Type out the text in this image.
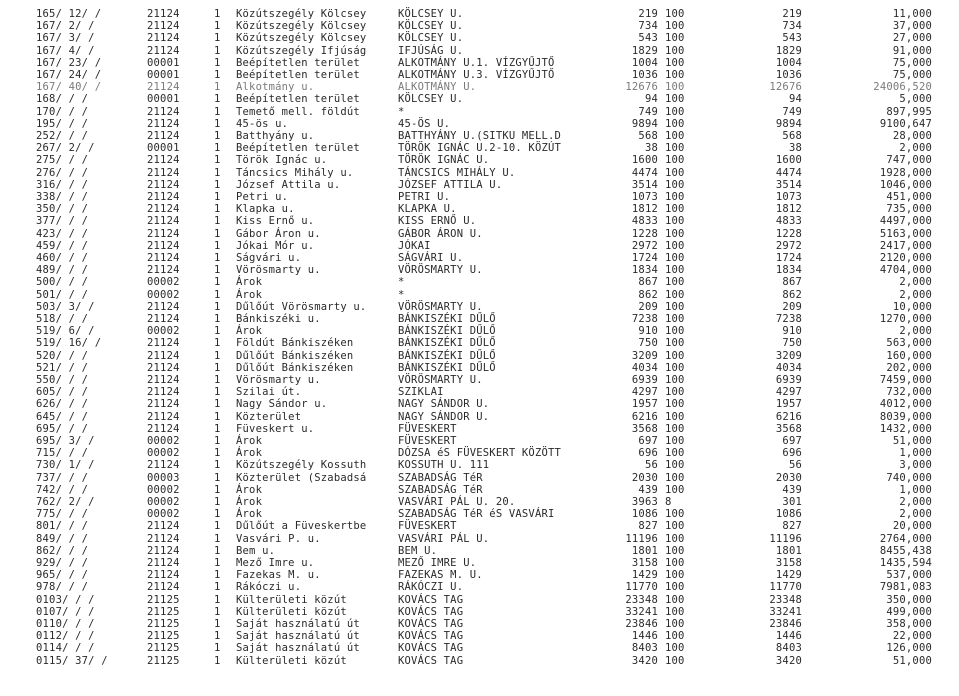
165/ 12/ /	21124	1 Közútszegély Kölcsey	KÖLCSEY U.	219 100	219	11,000
167/ 2/ /	21124	1 Közútszegély Kölcsey	KÖLCSEY U.	734 100	734	37,000
167/ 3/ /	21124	1 Közútszegély Kölcsey	KÖLCSEY U.	543 100	543	27,000
167/ 4/ /	21124	1 Közútszegély Ifjúság	IFJÚSÁG U.	1829 100	1829	91,000
167/ 23/ /	00001	1 Beépítetlen terület	ALKOTMÁNY U.1. VÍZGYŰJTŐ	1004 100	1004	75,000
167/ 24/ /	00001	1 Beépítetlen terület	ALKOTMÁNY U.3. VÍZGYŰJTŐ	1036 100	1036	75,000
167/ 40/ /	21124	1 Alkotmány u.	ALKOTMÁNY U.	12676 100	12676	24006,520
168/ / /	00001	1 Beépítetlen terület	KÖLCSEY U.	94 100	94	5,000
170/ / /	21124	1 Temető mell. földút	*	749 100	749	897,995
195/ / /	21124	1 45-ös u.	45-ÖS U.	9894 100	9894	9100,647
252/ / /	21124	1 Batthyány u.	BATTHYÁNY U.(SITKU MELL.D	568 100	568	28,000
267/ 2/ /	00001	1 Beépítetlen terület	TÖRÖK IGNÁC U.2-10. KÖZÚT	38 100	38	2,000
275/ / /	21124	1 Török Ignác u.	TÖRÖK IGNÁC U.	1600 100	1600	747,000
276/ / /	21124	1 Táncsics Mihály u.	TÁNCSICS MIHÁLY U.	4474 100	4474	1928,000
316/ / /	21124	1 József Attila u.	JÓZSEF ATTILA U.	3514 100	3514	1046,000
338/ / /	21124	1 Petri u.	PETRI U.	1073 100	1073	451,000
350/ / /	21124	1 Klapka u.	KLAPKA U.	1812 100	1812	735,000
377/ / /	21124	1 Kiss Ernő u.	KISS ERNŐ U.	4833 100	4833	4497,000
423/ / /	21124	1 Gábor Áron u.	GÁBOR ÁRON U.	1228 100	1228	5163,000
459/ / /	21124	1 Jókai Mór u.	JÓKAI	2972 100	2972	2417,000
460/ / /	21124	1 Ságvári u.	SÁGVÁRI U.	1724 100	1724	2120,000
489/ / /	21124	1 Vörösmarty u.	VÖRÖSMARTY U.	1834 100	1834	4704,000
500/ / /	00002	1 Árok	*	867 100	867	2,000
501/ / /	00002	1 Árok	*	862 100	862	2,000
503/ 3/ /	21124	1 Dűlőút Vörösmarty u.	VÖRÖSMARTY U.	209 100	209	10,000
518/ / /	21124	1 Bánkiszéki u.	BÁNKISZÉKI DŰLŐ	7238 100	7238	1270,000
519/ 6/ /	00002	1 Árok	BÁNKISZÉKI DŰLŐ	910 100	910	2,000
519/ 16/ /	21124	1 Földút Bánkiszéken	BÁNKISZÉKI DŰLŐ	750 100	750	563,000
520/ / /	21124	1 Dűlőút Bánkiszéken	BÁNKISZÉKI DŰLŐ	3209 100	3209	160,000
521/ / /	21124	1 Dűlőút Bánkiszéken	BÁNKISZÉKI DŰLŐ	4034 100	4034	202,000
550/ / /	21124	1 Vörösmarty u.	VÖRÖSMARTY U.	6939 100	6939	7459,000
605/ / /	21124	1 Szilai út.	SZIKLAI	4297 100	4297	732,000
626/ / /	21124	1 Nagy Sándor u.	NAGY SÁNDOR U.	1957 100	1957	4012,000
645/ / /	21124	1 Közterület	NAGY SÁNDOR U.	6216 100	6216	8039,000
695/ / /	21124	1 Füveskert u.	FÜVESKERT	3568 100	3568	1432,000
695/ 3/ /	00002	1 Árok	FÜVESKERT	697 100	697	51,000
715/ / /	00002	1 Árok	DÓZSA éS FÜVESKERT KÖZÖTT	696 100	696	1,000
730/ 1/ /	21124	1 Közútszegély Kossuth	KOSSUTH U. 111	56 100	56	3,000
737/ / /	00003	1 Közterület (Szabadsá	SZABADSÁG TéR	2030 100	2030	740,000
742/ / /	00002	1 Árok	SZABADSÁG TéR	439 100	439	1,000
762/ 2/ /	00002	1 Árok	VASVÁRI PÁL U. 20.	3963 8	301	2,000
775/ / /	00002	1 Árok	SZABADSÁG TéR éS VASVÁRI	1086 100	1086	2,000
801/ / /	21124	1 Dűlőút a Füveskertbe	FÜVESKERT	827 100	827	20,000
849/ / /	21124	1 Vasvári P. u.	VASVÁRI PÁL U.	11196 100	11196	2764,000
862/ / /	21124	1 Bem u.	BEM U.	1801 100	1801	8455,438
929/ / /	21124	1 Mező Imre u.	MEZŐ IMRE U.	3158 100	3158	1435,594
965/ / /	21124	1 Fazekas M. u.	FAZEKAS M. U.	1429 100	1429	537,000
978/ / /	21124	1 Rákóczi u.	RÁKÓCZI U.	11770 100	11770	7981,083
0103/ / /	21125	1 Külterületi közút	KOVÁCS TAG	23348 100	23348	350,000
0107/ / /	21125	1 Külterületi közút	KOVÁCS TAG	33241 100	33241	499,000
0110/ / /	21125	1 Saját használatú út	KOVÁCS TAG	23846 100	23846	358,000
0112/ / /	21125	1 Saját használatú út	KOVÁCS TAG	1446 100	1446	22,000
0114/ / /	21125	1 Saját használatú út	KOVÁCS TAG	8403 100	8403	126,000
0115/ 37/ /	21125	1 Külterületi közút	KOVÁCS TAG	3420 100	3420	51,000
